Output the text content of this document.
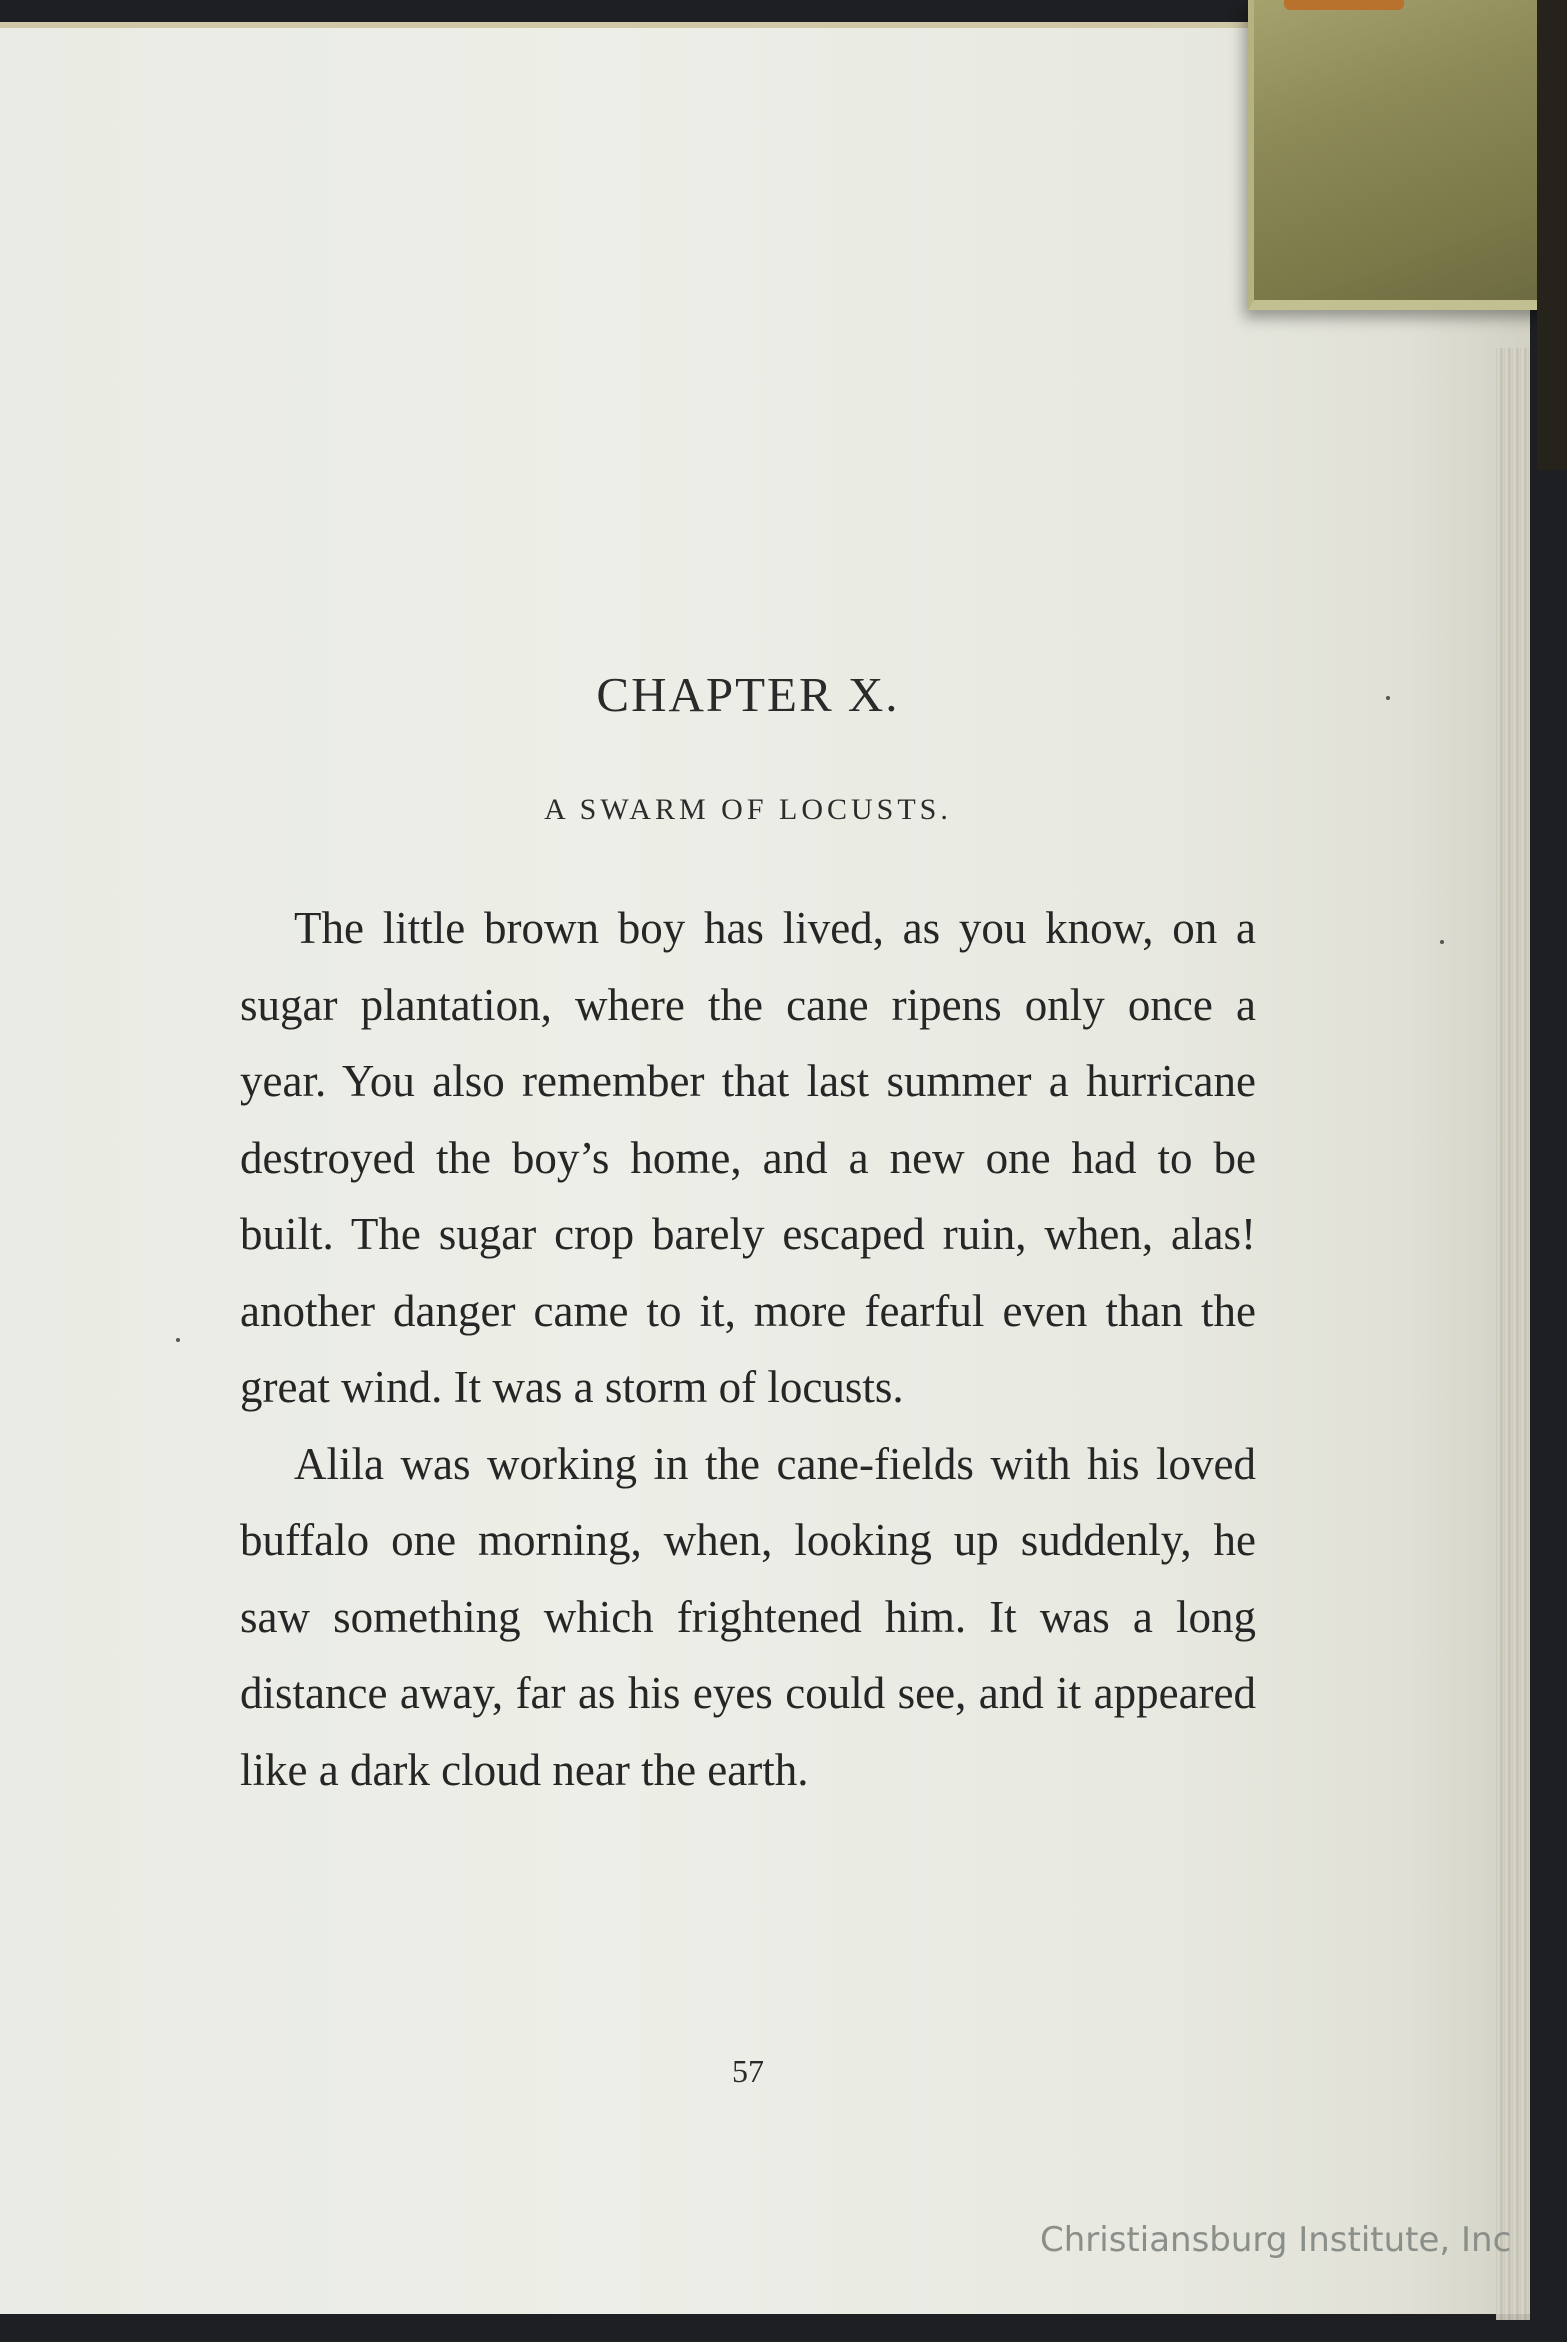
CHAPTER X.
A SWARM OF LOCUSTS.

The little brown boy has lived, as you know, on a sugar plantation, where the cane ripens only once a year. You also remember that last summer a hurricane destroyed the boy’s home, and a new one had to be built. The sugar crop barely escaped ruin, when, alas! another danger came to it, more fearful even than the great wind. It was a storm of locusts.

Alila was working in the cane-fields with his loved buffalo one morning, when, looking up suddenly, he saw something which frightened him. It was a long distance away, far as his eyes could see, and it appeared like a dark cloud near the earth.

57
Christiansburg Institute, Inc
